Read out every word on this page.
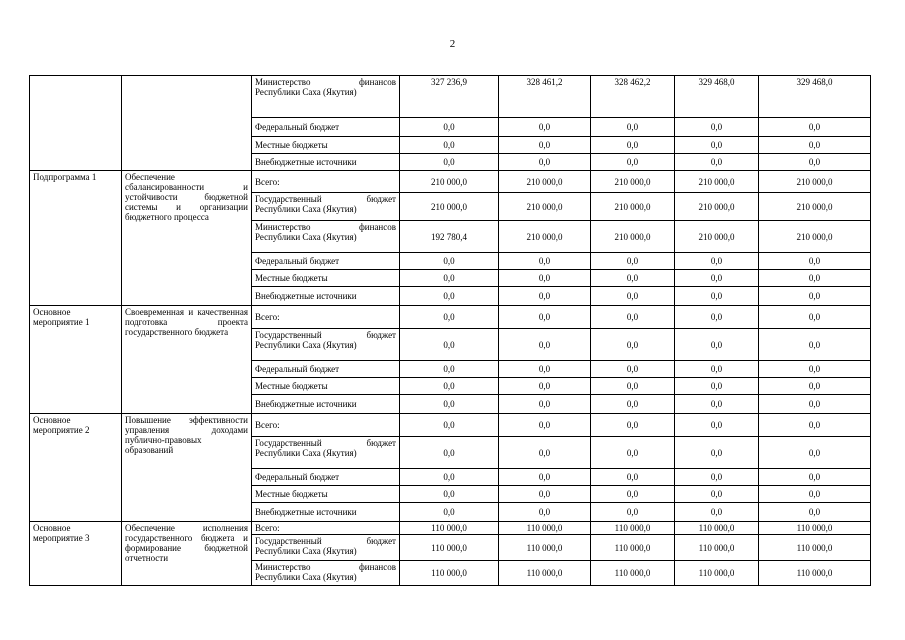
2

		Министерство финансов Республики Саха (Якутия)	327 236,9	328 461,2	328 462,2	329 468,0	329 468,0

		Федеральный бюджет	0,0	0,0	0,0	0,0	0,0

		Местные бюджеты	0,0	0,0	0,0	0,0	0,0

		Внебюджетные источники	0,0	0,0	0,0	0,0	0,0
Подпрограмма 1	Обеспечение сбалансированности и устойчивости бюджетной системы и организации бюджетного процесса	Всего:	210 000,0	210 000,0	210 000,0	210 000,0	210 000,0

		Государственный бюджет Республики Саха (Якутия)	210 000,0	210 000,0	210 000,0	210 000,0	210 000,0

		Министерство финансов Республики Саха (Якутия)	192 780,4	210 000,0	210 000,0	210 000,0	210 000,0

		Федеральный бюджет	0,0	0,0	0,0	0,0	0,0

		Местные бюджеты	0,0	0,0	0,0	0,0	0,0

		Внебюджетные источники	0,0	0,0	0,0	0,0	0,0
Основное мероприятие 1	Своевременная и качественная подготовка проекта государственного бюджета	Всего:	0,0	0,0	0,0	0,0	0,0

		Государственный бюджет Республики Саха (Якутия)	0,0	0,0	0,0	0,0	0,0

		Федеральный бюджет	0,0	0,0	0,0	0,0	0,0

		Местные бюджеты	0,0	0,0	0,0	0,0	0,0

		Внебюджетные источники	0,0	0,0	0,0	0,0	0,0
Основное мероприятие 2	Повышение эффективности управления доходами публично-правовых образований	Всего:	0,0	0,0	0,0	0,0	0,0

		Государственный бюджет Республики Саха (Якутия)	0,0	0,0	0,0	0,0	0,0

		Федеральный бюджет	0,0	0,0	0,0	0,0	0,0

		Местные бюджеты	0,0	0,0	0,0	0,0	0,0

		Внебюджетные источники	0,0	0,0	0,0	0,0	0,0
Основное мероприятие 3	Обеспечение исполнения государственного бюджета и формирование бюджетной отчетности	Всего:	110 000,0	110 000,0	110 000,0	110 000,0	110 000,0

		Государственный бюджет Республики Саха (Якутия)	110 000,0	110 000,0	110 000,0	110 000,0	110 000,0

		Министерство финансов Республики Саха (Якутия)	110 000,0	110 000,0	110 000,0	110 000,0	110 000,0
